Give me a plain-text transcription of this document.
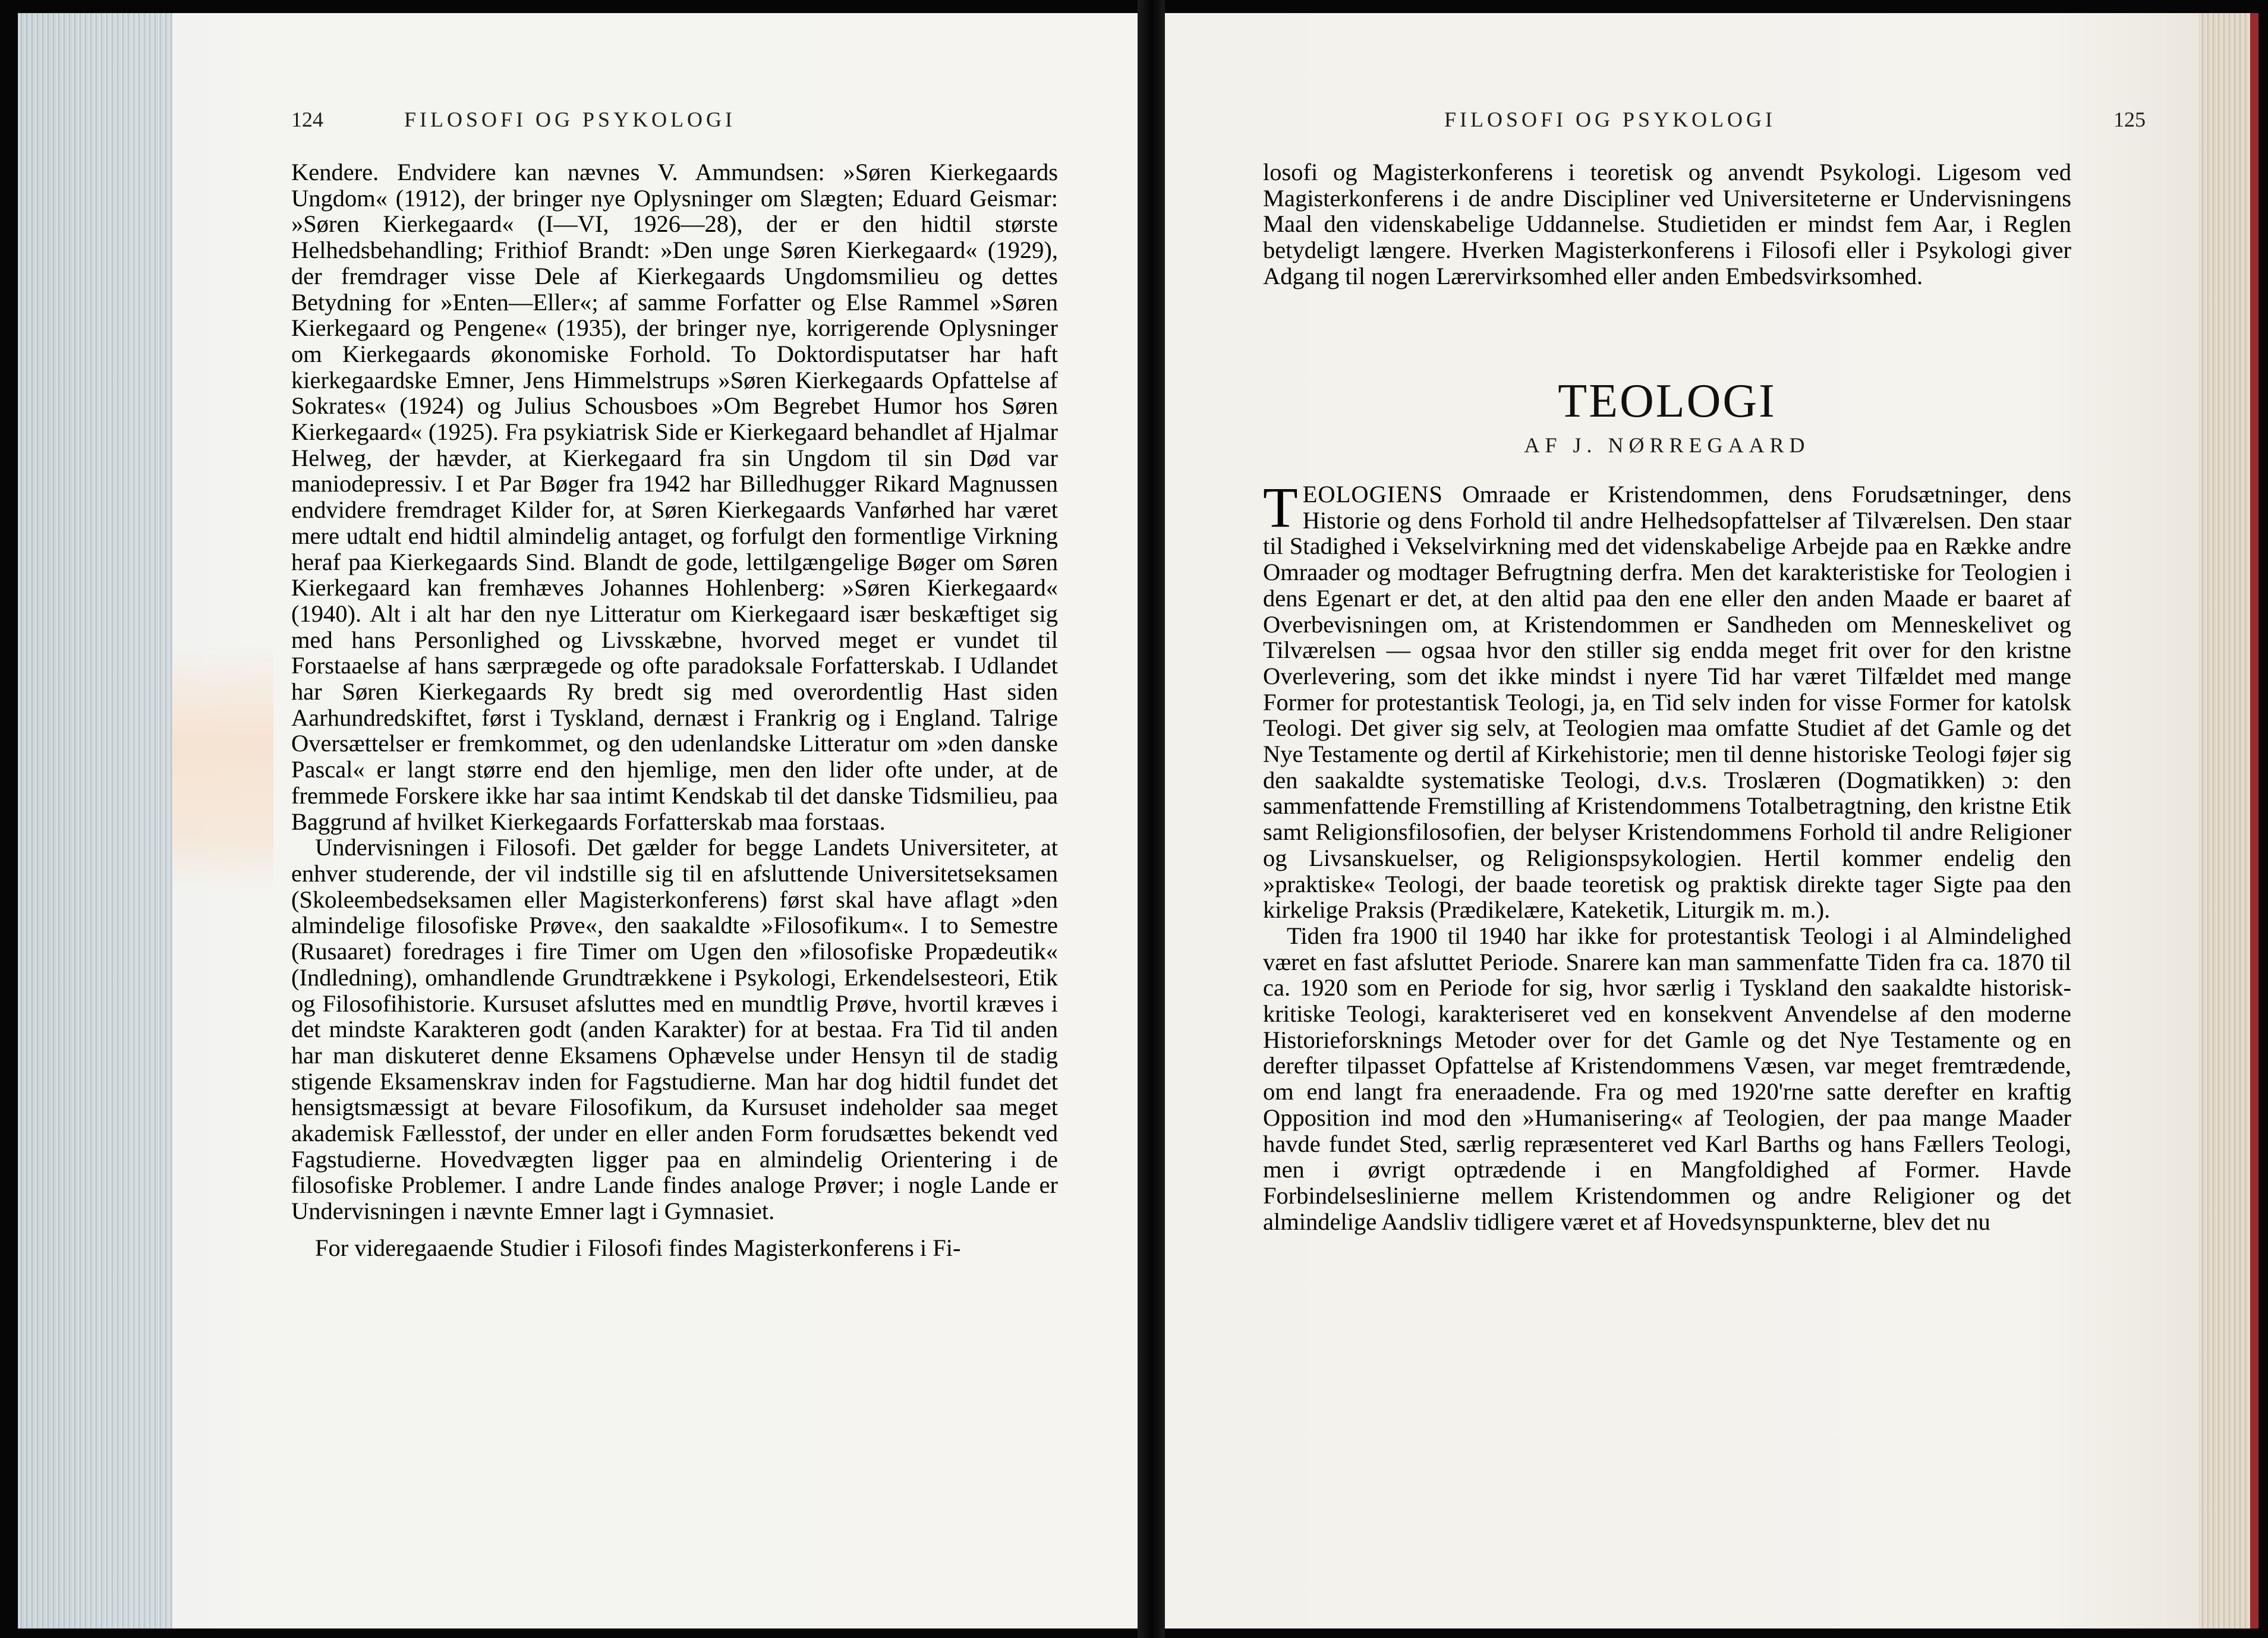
124	FILOSOFI OG PSYKOLOGI

Kendere. Endvidere kan nævnes V. Ammundsen: »Søren Kierkegaards Ungdom« (1912), der bringer nye Oplysninger om Slægten; Eduard Geismar: »Søren Kierkegaard« (I—VI, 1926—28), der er den hidtil største Helhedsbehandling; Frithiof Brandt: »Den unge Søren Kierkegaard« (1929), der fremdrager visse Dele af Kierkegaards Ungdomsmilieu og dettes Betydning for »Enten—Eller«; af samme Forfatter og Else Rammel »Søren Kierkegaard og Pengene« (1935), der bringer nye, korrigerende Oplysninger om Kierkegaards økonomiske Forhold. To Doktordisputatser har haft kierkegaardske Emner, Jens Himmelstrups »Søren Kierkegaards Opfattelse af Sokrates« (1924) og Julius Schousboes »Om Begrebet Humor hos Søren Kierkegaard« (1925). Fra psykiatrisk Side er Kierkegaard behandlet af Hjalmar Helweg, der hævder, at Kierkegaard fra sin Ungdom til sin Død var maniodepressiv. I et Par Bøger fra 1942 har Billedhugger Rikard Magnussen endvidere fremdraget Kilder for, at Søren Kierkegaards Vanførhed har været mere udtalt end hidtil almindelig antaget, og forfulgt den formentlige Virkning heraf paa Kierkegaards Sind. Blandt de gode, lettilgængelige Bøger om Søren Kierkegaard kan fremhæves Johannes Hohlenberg: »Søren Kierkegaard« (1940). Alt i alt har den nye Litteratur om Kierkegaard især beskæftiget sig med hans Personlighed og Livsskæbne, hvorved meget er vundet til Forstaaelse af hans særprægede og ofte paradoksale Forfatterskab. I Udlandet har Søren Kierkegaards Ry bredt sig med overordentlig Hast siden Aarhundredskiftet, først i Tyskland, dernæst i Frankrig og i England. Talrige Oversættelser er fremkommet, og den udenlandske Litteratur om »den danske Pascal« er langt større end den hjemlige, men den lider ofte under, at de fremmede Forskere ikke har saa intimt Kendskab til det danske Tidsmilieu, paa Baggrund af hvilket Kierkegaards Forfatterskab maa forstaas.

Undervisningen i Filosofi. Det gælder for begge Landets Universiteter, at enhver studerende, der vil indstille sig til en afsluttende Universitetseksamen (Skoleembedseksamen eller Magisterkonferens) først skal have aflagt »den almindelige filosofiske Prøve«, den saakaldte »Filosofikum«. I to Semestre (Rusaaret) foredrages i fire Timer om Ugen den »filosofiske Propædeutik« (Indledning), omhandlende Grundtrækkene i Psykologi, Erkendelsesteori, Etik og Filosofihistorie. Kursuset afsluttes med en mundtlig Prøve, hvortil kræves i det mindste Karakteren godt (anden Karakter) for at bestaa. Fra Tid til anden har man diskuteret denne Eksamens Ophævelse under Hensyn til de stadig stigende Eksamenskrav inden for Fagstudierne. Man har dog hidtil fundet det hensigtsmæssigt at bevare Filosofikum, da Kursuset indeholder saa meget akademisk Fællesstof, der under en eller anden Form forudsættes bekendt ved Fagstudierne. Hovedvægten ligger paa en almindelig Orientering i de filosofiske Problemer. I andre Lande findes analoge Prøver; i nogle Lande er Undervisningen i nævnte Emner lagt i Gymnasiet.

For videregaaende Studier i Filosofi findes Magisterkonferens i Fi-

FILOSOFI OG PSYKOLOGI	125

losofi og Magisterkonferens i teoretisk og anvendt Psykologi. Ligesom ved Magisterkonferens i de andre Discipliner ved Universiteterne er Undervisningens Maal den videnskabelige Uddannelse. Studietiden er mindst fem Aar, i Reglen betydeligt længere. Hverken Magisterkonferens i Filosofi eller i Psykologi giver Adgang til nogen Lærervirksomhed eller anden Embedsvirksomhed.

TEOLOGI
AF J. NØRREGAARD

TEOLOGIENS Omraade er Kristendommen, dens Forudsætninger, dens Historie og dens Forhold til andre Helhedsopfattelser af Tilværelsen. Den staar til Stadighed i Vekselvirkning med det videnskabelige Arbejde paa en Række andre Omraader og modtager Befrugtning derfra. Men det karakteristiske for Teologien i dens Egenart er det, at den altid paa den ene eller den anden Maade er baaret af Overbevisningen om, at Kristendommen er Sandheden om Menneskelivet og Tilværelsen — ogsaa hvor den stiller sig endda meget frit over for den kristne Overlevering, som det ikke mindst i nyere Tid har været Tilfældet med mange Former for protestantisk Teologi, ja, en Tid selv inden for visse Former for katolsk Teologi. Det giver sig selv, at Teologien maa omfatte Studiet af det Gamle og det Nye Testamente og dertil af Kirkehistorie; men til denne historiske Teologi føjer sig den saakaldte systematiske Teologi, d.v.s. Troslæren (Dogmatikken) ɔ: den sammenfattende Fremstilling af Kristendommens Totalbetragtning, den kristne Etik samt Religionsfilosofien, der belyser Kristendommens Forhold til andre Religioner og Livsanskuelser, og Religionspsykologien. Hertil kommer endelig den »praktiske« Teologi, der baade teoretisk og praktisk direkte tager Sigte paa den kirkelige Praksis (Prædikelære, Kateketik, Liturgik m. m.).

Tiden fra 1900 til 1940 har ikke for protestantisk Teologi i al Almindelighed været en fast afsluttet Periode. Snarere kan man sammenfatte Tiden fra ca. 1870 til ca. 1920 som en Periode for sig, hvor særlig i Tyskland den saakaldte historisk-kritiske Teologi, karakteriseret ved en konsekvent Anvendelse af den moderne Historieforsknings Metoder over for det Gamle og det Nye Testamente og en derefter tilpasset Opfattelse af Kristendommens Væsen, var meget fremtrædende, om end langt fra eneraadende. Fra og med 1920'rne satte derefter en kraftig Opposition ind mod den »Humanisering« af Teologien, der paa mange Maader havde fundet Sted, særlig repræsenteret ved Karl Barths og hans Fællers Teologi, men i øvrigt optrædende i en Mangfoldighed af Former. Havde Forbindelseslinierne mellem Kristendommen og andre Religioner og det almindelige Aandsliv tidligere været et af Hovedsynspunkterne, blev det nu
